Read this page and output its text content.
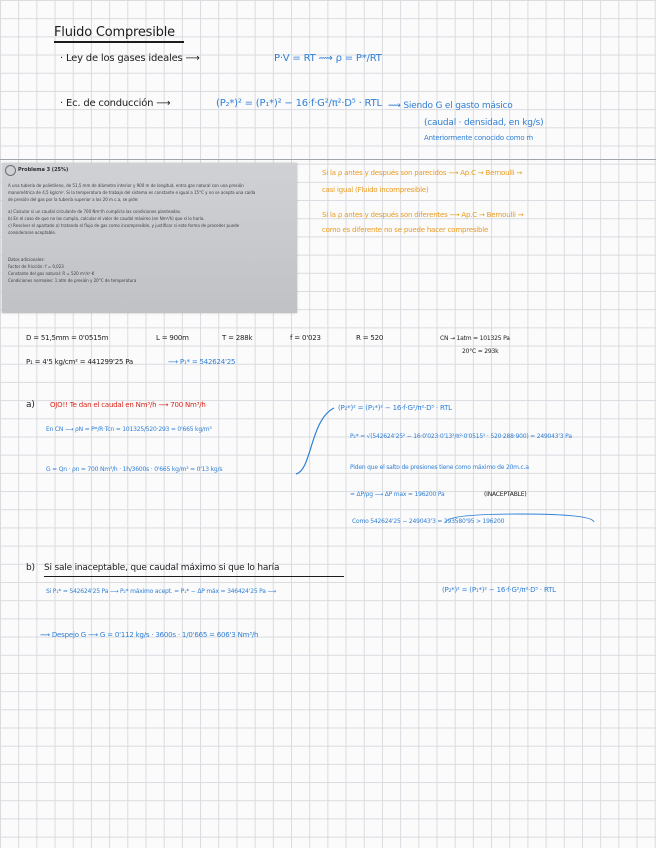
Fluido Compresible
· Ley de los gases ideales ⟶	P·V = RT ⟿ ρ = P*/RT
· Ec. de conducción ⟶	(P₂*)² = (P₁*)² − 16·f·G²/π²·D⁵ · RTL ⟿ Siendo G el gasto másico
(caudal · densidad, en kg/s)
Anteriormente conocido como ṁ
Problema 3 (25%)
A una tubería de polietileno, de 51,5 mm de diámetro interior y 900 m de longitud, entra gas natural con una presión
manométrica de 4,5 kg/cm². Si la temperatura de trabajo del sistema es constante e igual a 15°C y no se acepta una caída
de presión del gas por la tubería superior a los 20 m.c.a, se pide:
a) Calcular si un caudal circulante de 700 Nm³/h cumpliría las condiciones planteadas.
b) En el caso de que no las cumpla, calcular el valor de caudal máximo (en Nm³/h) que sí lo haría.
c) Resolver el apartado a) tratando el flujo de gas como incompresible, y justificar si este forma de proceder puede
considerarse aceptable.
Datos adicionales:
Factor de fricción: f = 0,023
Constante del gas natural: R = 520 m²/s²·K
Condiciones normales: 1 atm de presión y 20°C de temperatura
Si la ρ antes y después son parecidos ⟶ Ap.C → Bernoulli →
casi igual (Fluido incompresible)
Si la ρ antes y después son diferentes ⟶ Ap.C → Bernoulli →
como es diferente no se puede hacer compresible
D = 51,5mm = 0'0515m	L = 900m	T = 288k	f = 0'023	R = 520	CN → 1atm = 101325 Pa
20°C = 293k
P₁ = 4'5 kg/cm² = 441299'25 Pa	⟶ P₁* = 542624'25
a) OJO!! Te dan el caudal en Nm³/h ⟶ 700 Nm³/h
En CN ⟶ ρN = P*/R·Tcn = 101325/520·293 = 0'665 kg/m³
G = Qn · ρn = 700 Nm³/h · 1h/3600s · 0'665 kg/m³ = 0'13 kg/s
(P₂*)² = (P₁*)² − 16·f·G²/π²·D⁵ · RTL
P₂* = √(542624'25² − 16·0'023·0'13²/π²·0'0515⁵ · 520·288·900) = 249043'3 Pa
Piden que el salto de presiones tiene como máximo de 20m.c.a
= ΔP/ρg ⟶ ΔP max = 196200 Pa	(INACEPTABLE)
Como 542624'25 − 249043'3 = 293580'95 > 196200
b) Si sale inaceptable, que caudal máximo si que lo haría
Si P₁* = 542624'25 Pa ⟶ P₂* máximo acept. = P₁* − ΔP máx = 346424'25 Pa ⟶	(P₂*)² = (P₁*)² − 16·f·G²/π²·D⁵ · RTL
⟿ Despejo G ⟶ G = 0'112 kg/s · 3600s · 1/0'665 = 606'3 Nm³/h
